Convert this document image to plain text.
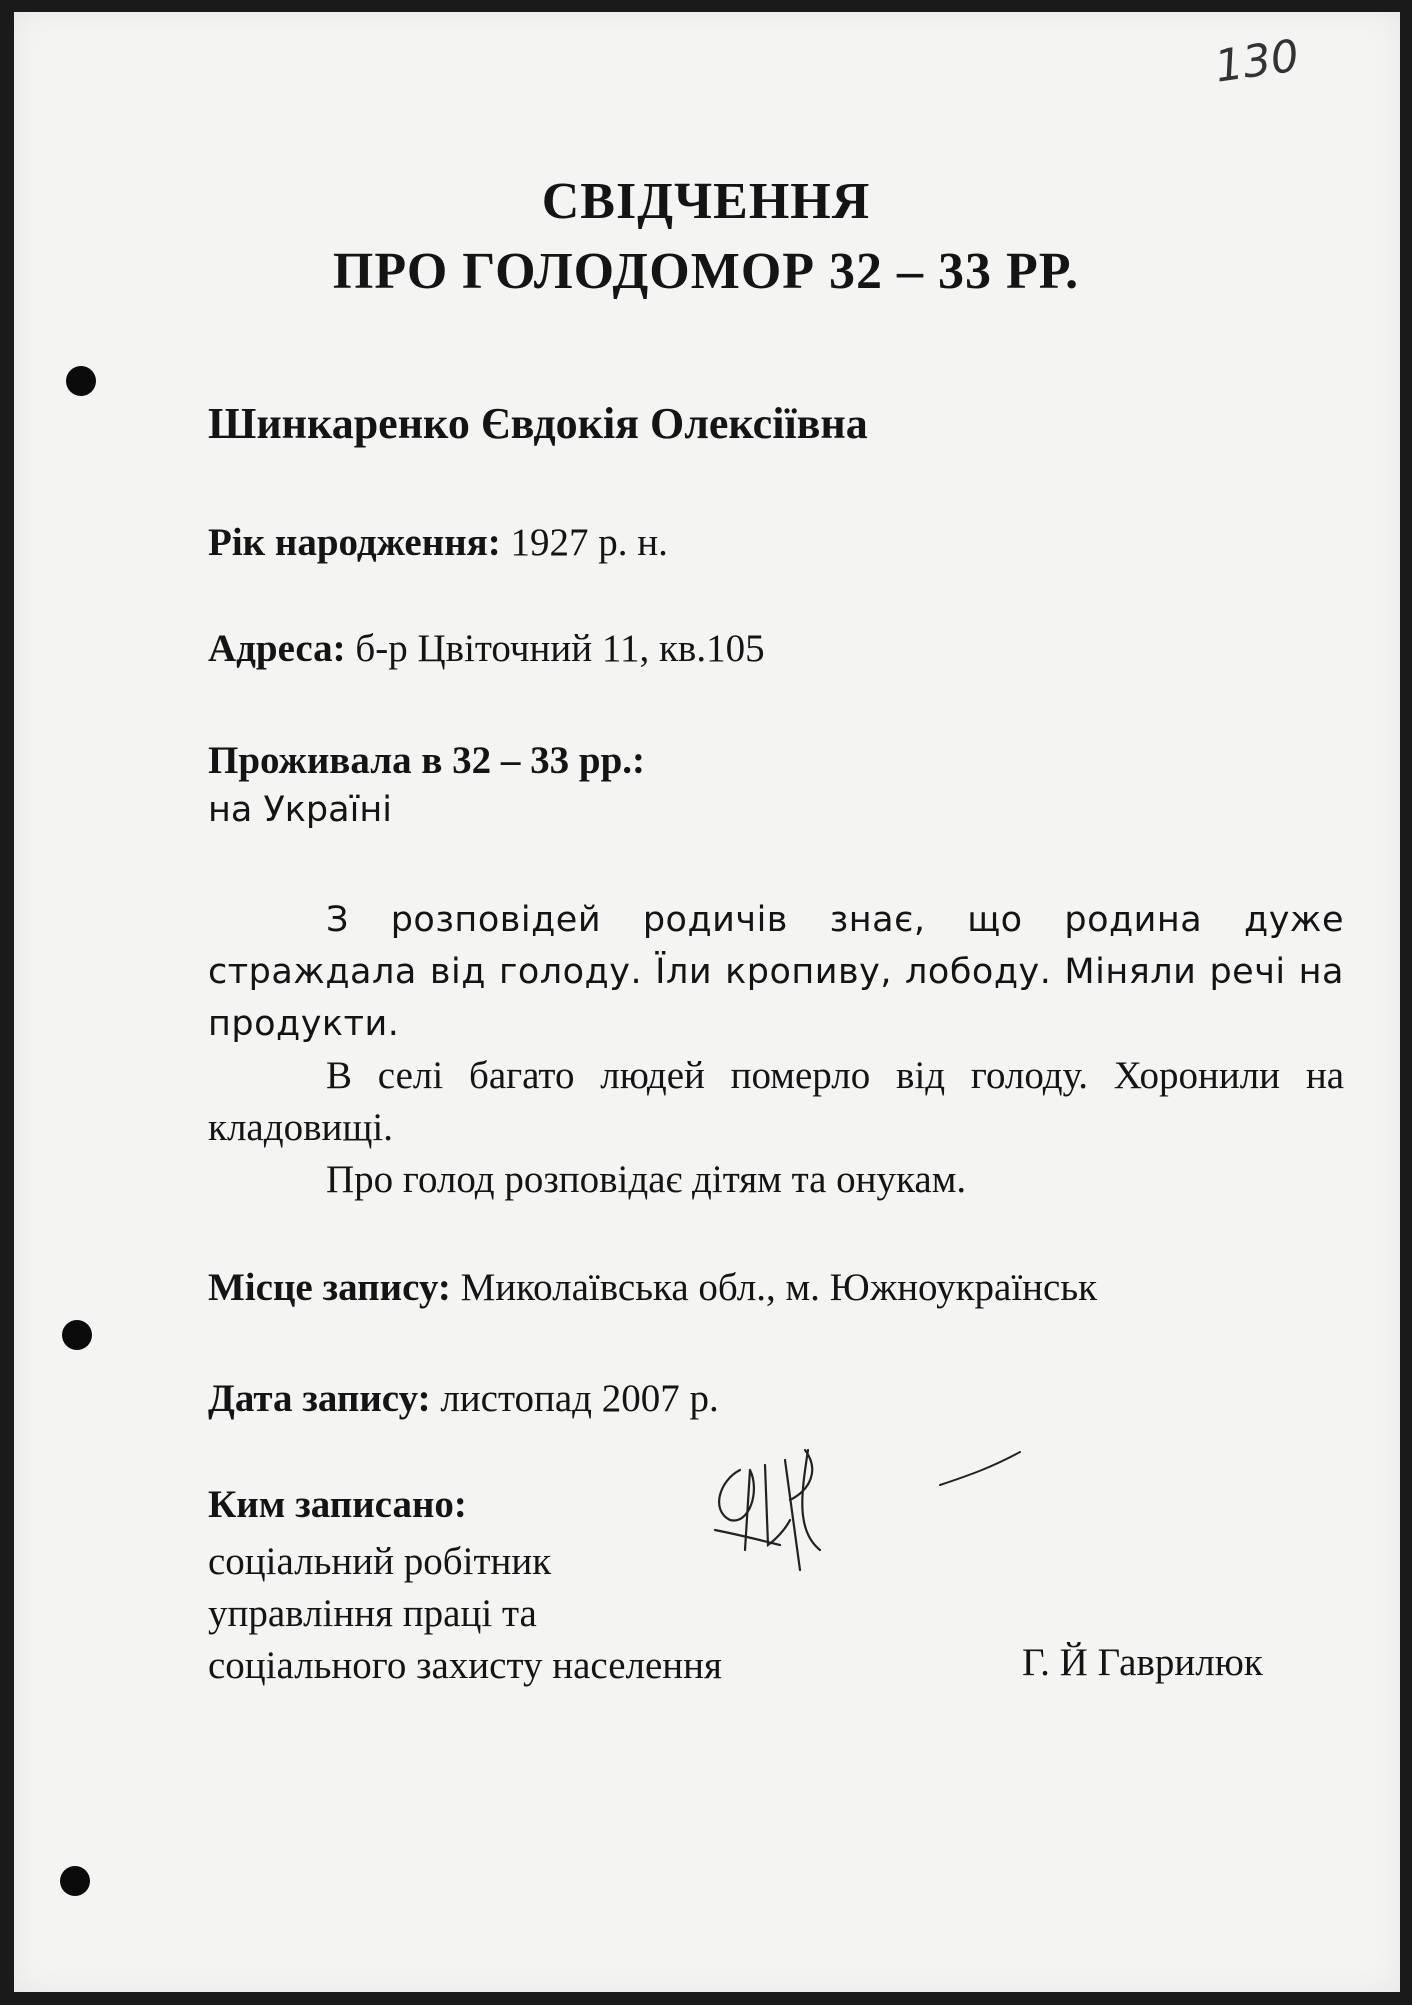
130
СВІДЧЕННЯ
ПРО ГОЛОДОМОР 32 – 33 РР.
Шинкаренко Євдокія Олексіївна
Рік народження: 1927 р. н.
Адреса: б-р Цвіточний 11, кв.105
Проживала в 32 – 33 рр.:
на Україні

З розповідей родичів знає, що родина дуже страждала від голоду. Їли кропиву, лободу. Міняли речі на продукти.

В селі багато людей померло від голоду. Хоронили на кладовищі.

Про голод розповідає дітям та онукам.

Місце запису: Миколаївська обл., м. Южноукраїнськ
Дата запису: листопад 2007 р.
Ким записано:
соціальний робітник
управління праці та
соціального захисту населення	Г. Й Гаврилюк
